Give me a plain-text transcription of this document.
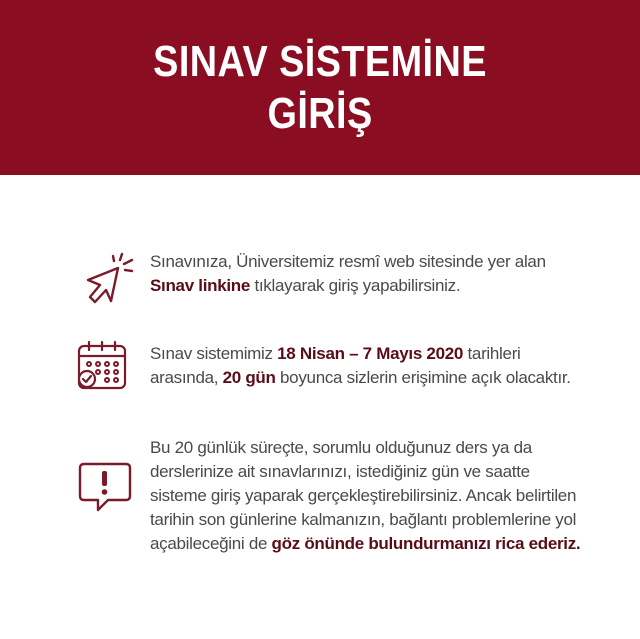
SINAV SİSTEMİNE
GİRİŞ
Sınavınıza, Üniversitemiz resmî web sitesinde yer alan
Sınav linkine tıklayarak giriş yapabilirsiniz.
Sınav sistemimiz 18 Nisan – 7 Mayıs 2020 tarihleri
arasında, 20 gün boyunca sizlerin erişimine açık olacaktır.
Bu 20 günlük süreçte, sorumlu olduğunuz ders ya da
derslerinize ait sınavlarınızı, istediğiniz gün ve saatte
sisteme giriş yaparak gerçekleştirebilirsiniz. Ancak belirtilen
tarihin son günlerine kalmanızın, bağlantı problemlerine yol
açabileceğini de göz önünde bulundurmanızı rica ederiz.
